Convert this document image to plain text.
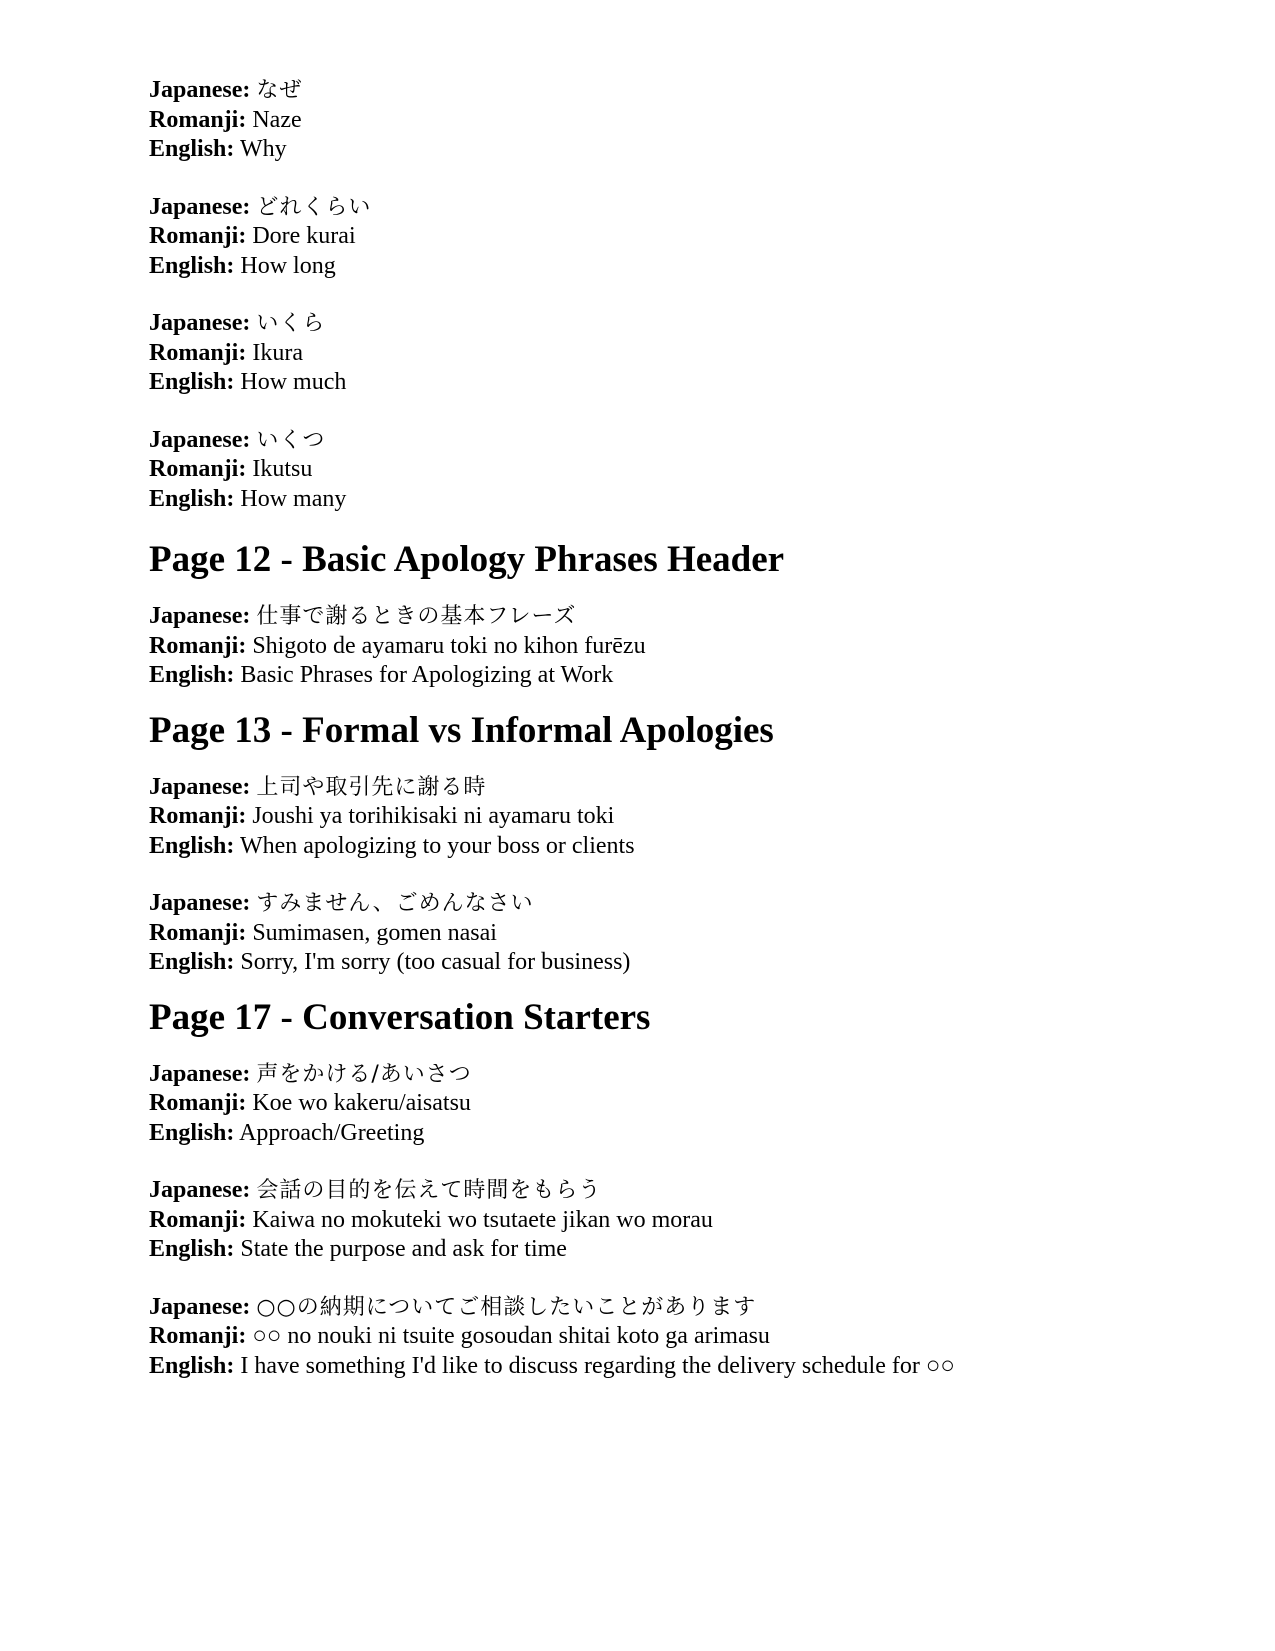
Japanese: なぜ
Romanji: Naze
English: Why
Japanese: どれくらい
Romanji: Dore kurai
English: How long
Japanese: いくら
Romanji: Ikura
English: How much
Japanese: いくつ
Romanji: Ikutsu
English: How many
Page 12 - Basic Apology Phrases Header
Japanese: 仕事で謝るときの基本フレーズ
Romanji: Shigoto de ayamaru toki no kihon furēzu
English: Basic Phrases for Apologizing at Work
Page 13 - Formal vs Informal Apologies
Japanese: 上司や取引先に謝る時
Romanji: Joushi ya torihikisaki ni ayamaru toki
English: When apologizing to your boss or clients
Japanese: すみません、ごめんなさい
Romanji: Sumimasen, gomen nasai
English: Sorry, I'm sorry (too casual for business)
Page 17 - Conversation Starters
Japanese: 声をかける/あいさつ
Romanji: Koe wo kakeru/aisatsu
English: Approach/Greeting
Japanese: 会話の目的を伝えて時間をもらう
Romanji: Kaiwa no mokuteki wo tsutaete jikan wo morau
English: State the purpose and ask for time
Japanese: ○○の納期についてご相談したいことがあります
Romanji: ○○ no nouki ni tsuite gosoudan shitai koto ga arimasu
English: I have something I'd like to discuss regarding the delivery schedule for ○○
